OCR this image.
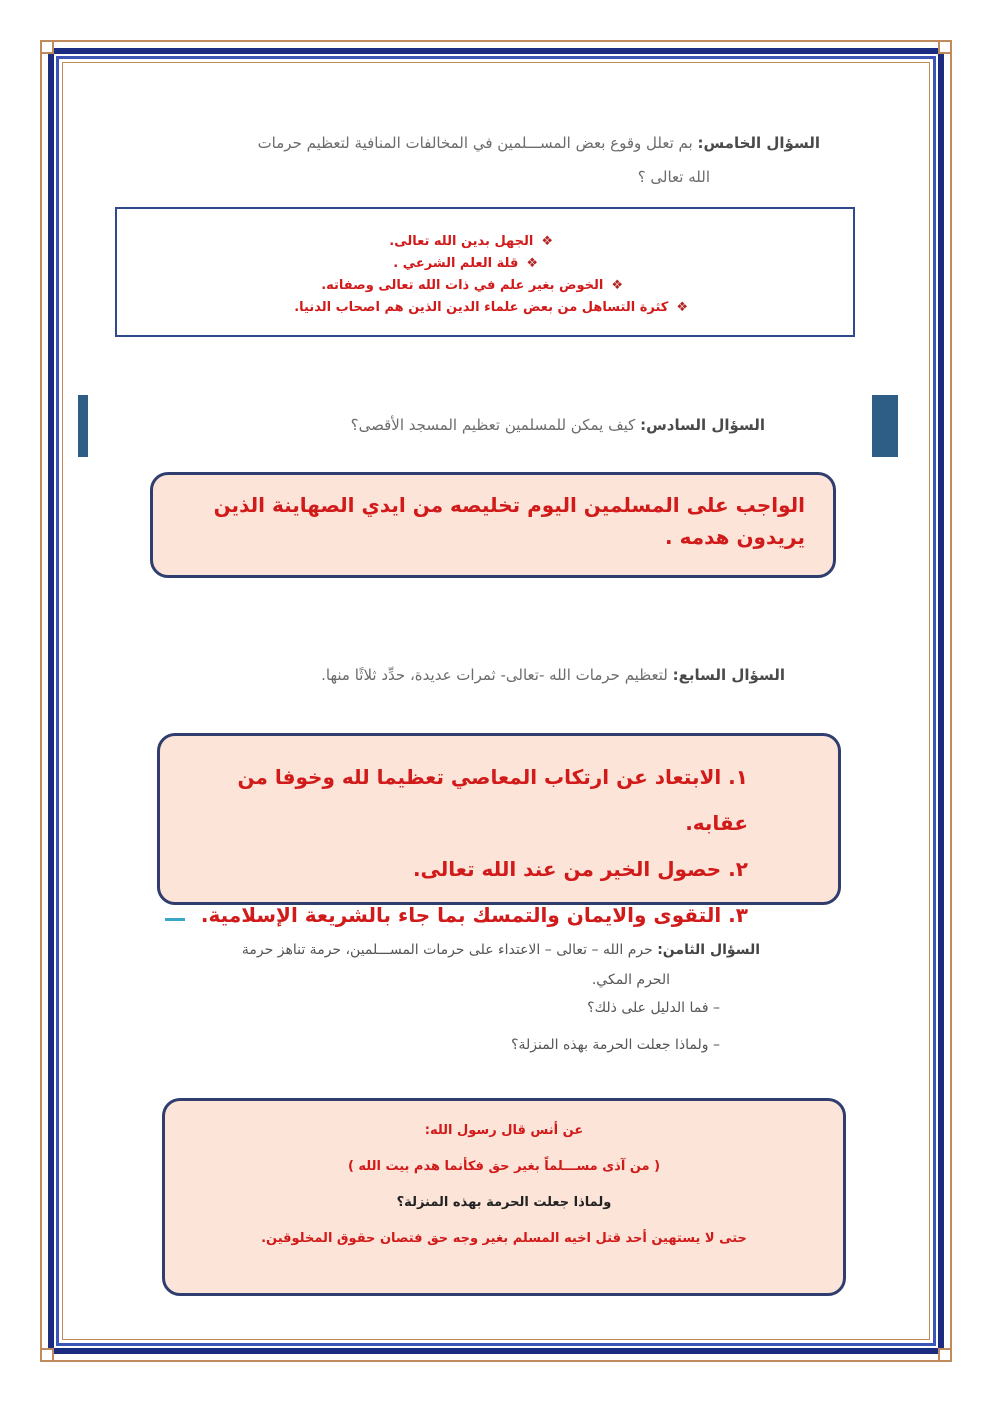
السؤال الخامس: بم تعلل وقوع بعض المســـلمين في المخالفات المنافية لتعظيم حرمات
الله تعالى ؟
❖الجهل بدين الله تعالى.
❖قلة العلم الشرعي .
❖الخوض بغير علم في ذات الله تعالى وصفاته.
❖كثرة التساهل من بعض علماء الدين الذين هم اصحاب الدنيا.
السؤال السادس: كيف يمكن للمسلمين تعظيم المسجد الأقصى؟
الواجب على المسلمين اليوم تخليصه من ايدي الصهاينة الذين يريدون هدمه .
السؤال السابع: لتعظيم حرمات الله -تعالى- ثمرات عديدة، حدِّد ثلاثًا منها.
١. الابتعاد عن ارتكاب المعاصي تعظيما لله وخوفا من عقابه.
٢. حصول الخير من عند الله تعالى.
٣. التقوى والايمان والتمسك بما جاء بالشريعة الإسلامية.
السؤال الثامن: حرم الله – تعالى – الاعتداء على حرمات المســـلمين، حرمة تناهز حرمة
الحرم المكي.
– فما الدليل على ذلك؟
– ولماذا جعلت الحرمة بهذه المنزلة؟
عن أنس قال رسول الله:
( من آذى مســـلماً بغير حق فكأنما هدم بيت الله )
ولماذا جعلت الحرمة بهذه المنزلة؟
حتى لا يستهين أحد قتل اخيه المسلم بغير وجه حق فتصان حقوق المخلوقين.
